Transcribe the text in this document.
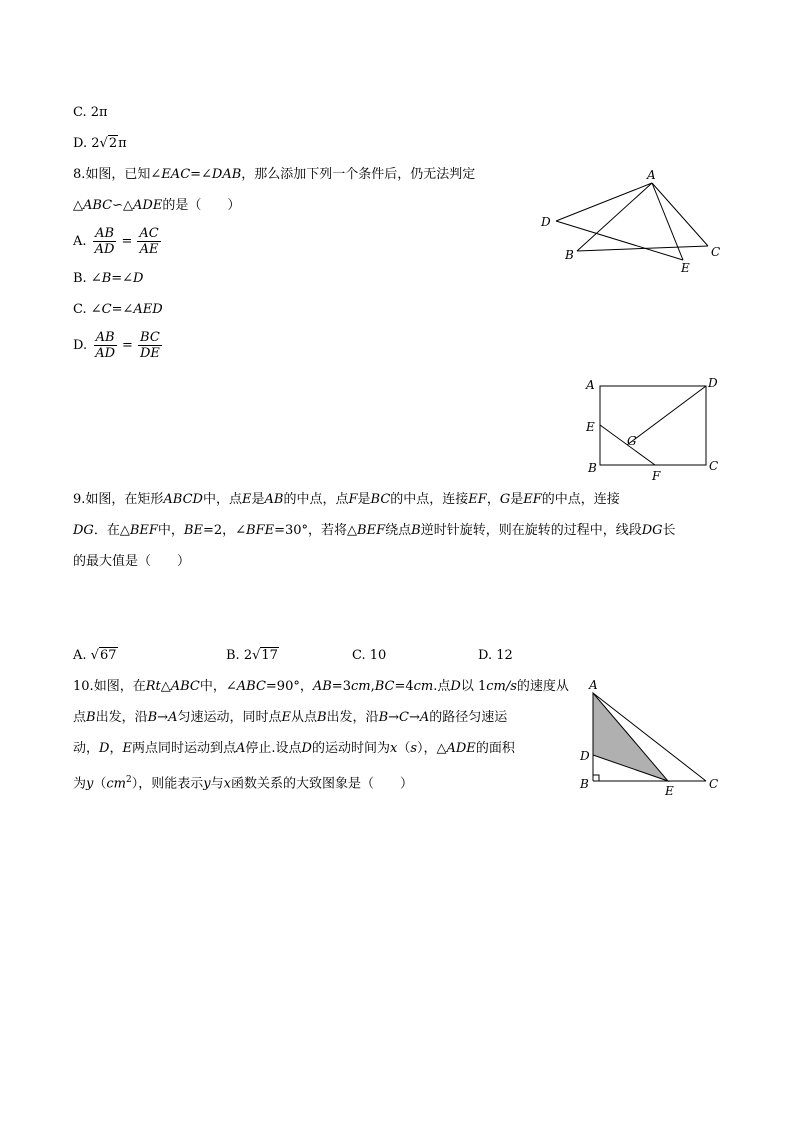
C. 2π
D. 2√2π
8.如图，已知∠EAC=∠DAB，那么添加下列一个条件后，仍无法判定
△ABC∽△ADE的是（　　）
A. $\frac{AB}{AD} = \frac{AC}{AE}$
B. ∠B=∠D
C. ∠C=∠AED
D. $\frac{AB}{AD} = \frac{BC}{DE}$
A
D
B	C
E
A	D
E
G
B	C
F
A
D
B	E	C
9.如图，在矩形ABCD中，点E是AB的中点，点F是BC的中点，连接EF，G是EF的中点，连接
DG．在△BEF中，BE=2，∠BFE=30°，若将△BEF绕点B逆时针旋转，则在旋转的过程中，线段DG长
的最大值是（　　）
A. √67	B. 2√17	C. 10	D. 12
10.如图，在Rt△ABC中，∠ABC=90°，AB=3cm,BC=4cm.点D以 1cm/s的速度从
点B出发，沿B→A匀速运动，同时点E从点B出发，沿B→C→A的路径匀速运
动，D，E两点同时运动到点A停止.设点D的运动时间为x（s），△ADE的面积
为$y(cm^2)$，则能表示y与x函数关系的大致图象是（　　）
